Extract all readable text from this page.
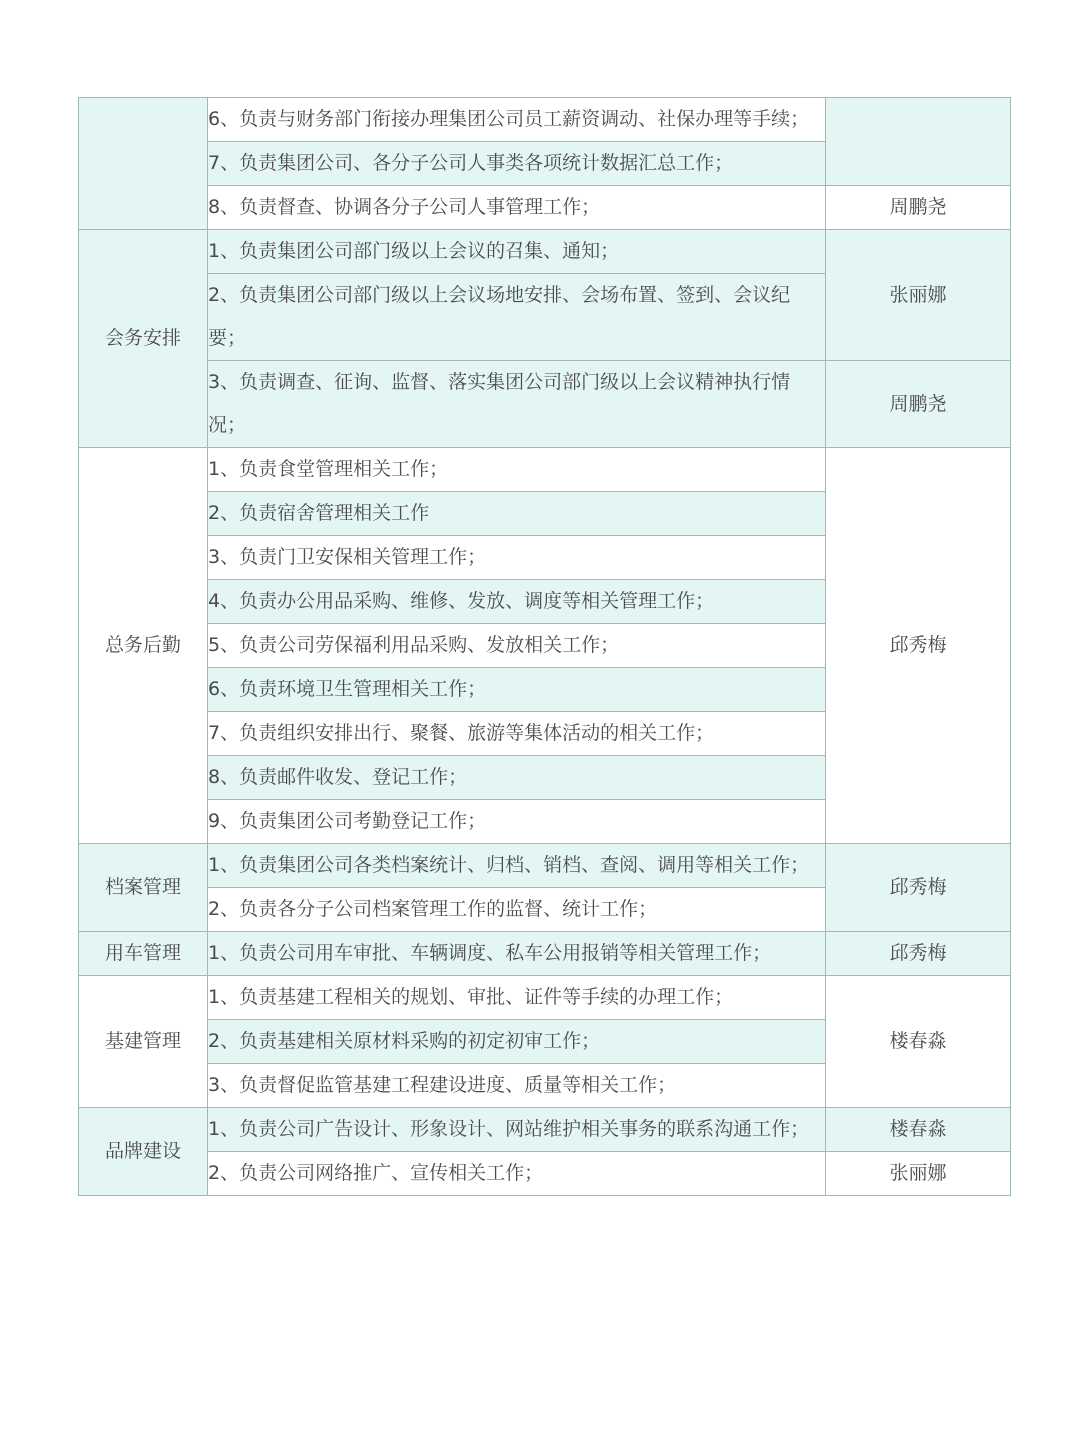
	6、负责与财务部门衔接办理集团公司员工薪资调动、社保办理等手续；	
	7、负责集团公司、各分子公司人事类各项统计数据汇总工作；	
	8、负责督查、协调各分子公司人事管理工作；	周鹏尧
会务安排	1、负责集团公司部门级以上会议的召集、通知；	张丽娜
	2、负责集团公司部门级以上会议场地安排、会场布置、签到、会议纪要；	
	3、负责调查、征询、监督、落实集团公司部门级以上会议精神执行情况；	周鹏尧
总务后勤	1、负责食堂管理相关工作；	邱秀梅
	2、负责宿舍管理相关工作	
	3、负责门卫安保相关管理工作；	
	4、负责办公用品采购、维修、发放、调度等相关管理工作；	
	5、负责公司劳保福利用品采购、发放相关工作；	
	6、负责环境卫生管理相关工作；	
	7、负责组织安排出行、聚餐、旅游等集体活动的相关工作；	
	8、负责邮件收发、登记工作；	
	9、负责集团公司考勤登记工作；	
档案管理	1、负责集团公司各类档案统计、归档、销档、查阅、调用等相关工作；	邱秀梅
	2、负责各分子公司档案管理工作的监督、统计工作；	
用车管理	1、负责公司用车审批、车辆调度、私车公用报销等相关管理工作；	邱秀梅
基建管理	1、负责基建工程相关的规划、审批、证件等手续的办理工作；	楼春淼
	2、负责基建相关原材料采购的初定初审工作；	
	3、负责督促监管基建工程建设进度、质量等相关工作；	
品牌建设	1、负责公司广告设计、形象设计、网站维护相关事务的联系沟通工作；	楼春淼
	2、负责公司网络推广、宣传相关工作；	张丽娜
